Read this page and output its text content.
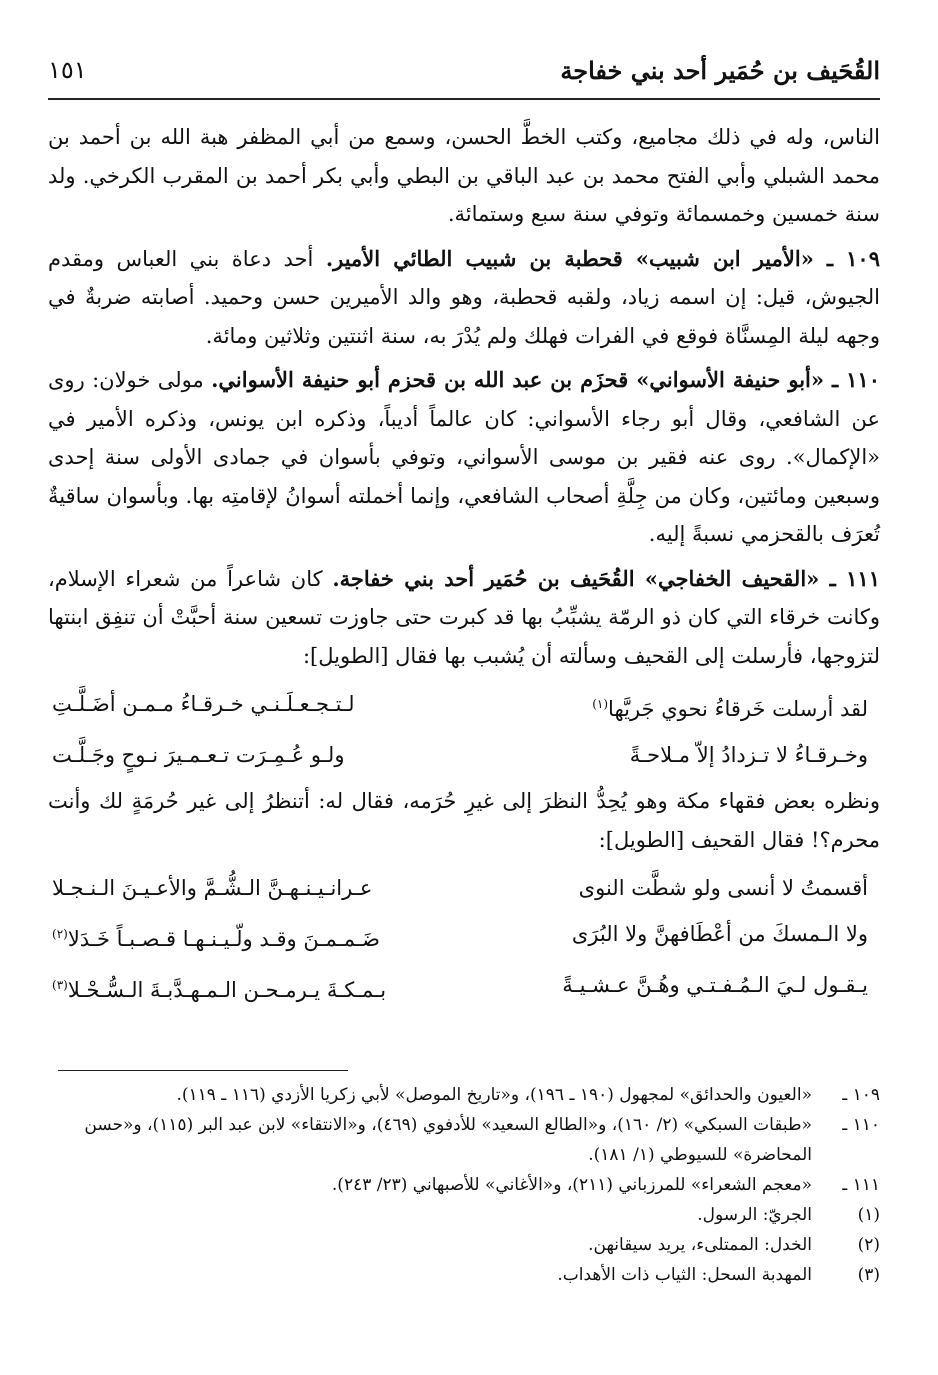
القُحَيف بن حُمَير أحد بني خفاجة
١٥١

الناس، وله في ذلك مجاميع، وكتب الخطَّ الحسن، وسمع من أبي المظفر هبة الله بن أحمد بن محمد الشبلي وأبي الفتح محمد بن عبد الباقي بن البطي وأبي بكر أحمد بن المقرب الكرخي. ولد سنة خمسين وخمسمائة وتوفي سنة سبع وستمائة.

١٠٩ ـ «الأمير ابن شبيب» قحطبة بن شبيب الطائي الأمير. أحد دعاة بني العباس ومقدم الجيوش، قيل: إن اسمه زياد، ولقبه قحطبة، وهو والد الأميرين حسن وحميد. أصابته ضربةٌ في وجهه ليلة المِسنَّاة فوقع في الفرات فهلك ولم يُدْرَ به، سنة اثنتين وثلاثين ومائة.

١١٠ ـ «أبو حنيفة الأسواني» قحزَم بن عبد الله بن قحزم أبو حنيفة الأسواني. مولى خولان: روى عن الشافعي، وقال أبو رجاء الأسواني: كان عالماً أديباً، وذكره ابن يونس، وذكره الأمير في «الإكمال». روى عنه فقير بن موسى الأسواني، وتوفي بأسوان في جمادى الأولى سنة إحدى وسبعين ومائتين، وكان من جِلَّةِ أصحاب الشافعي، وإنما أخملته أسوانُ لإقامتِه بها. وبأسوان ساقيةٌ تُعرَف بالقحزمي نسبةً إليه.

١١١ ـ «القحيف الخفاجي» القُحَيف بن حُمَير أحد بني خفاجة. كان شاعراً من شعراء الإسلام، وكانت خرقاء التي كان ذو الرمّة يشبِّبُ بها قد كبرت حتى جاوزت تسعين سنة أحبَّتْ أن تنفِق ابنتها لتزوجها، فأرسلت إلى القحيف وسألته أن يُشبب بها فقال [الطويل]:

لقد أرسلت خَرقاءُ نحوي جَريَّها$^{(١)}$
لـتـجـعـلَـنـي خـرقـاءُ مـمـن أضَـلَّـتِ
وخـرقـاءُ لا تـزدادُ إلاّ مـلاحـةً
ولـو عُـمِـرَت تـعـمـيرَ نـوحٍ وجَـلَّـت

ونظره بعض فقهاء مكة وهو يُحِدُّ النظرَ إلى غيرِ حُرَمه، فقال له: أتنظرُ إلى غير حُرمَةٍ لك وأنت محرم؟! فقال القحيف [الطويل]:

أقسمتُ لا أنسى ولو شطَّت النوى
عـرانـيـنـهـنَّ الـشُّـمَّ والأعـيـنَ الـنـجـلا
ولا الـمسكَ من أعْطَافهنَّ ولا البُرَى
ضَـمـمـنَ وقـد ولّـيـنـهـا قـصـبـاً خَـدَلا$^{(٢)}$
يـقـول لـيَ الـمُـفـتـي وهُـنَّ عـشـيـةً
بـمـكـةَ يـرمـحـن الـمـهـدَّبـةَ الـسُّـحْـلا$^{(٣)}$
١٠٩ ـ
«العيون والحدائق» لمجهول (١٩٠ ـ ١٩٦)، و«تاريخ الموصل» لأبي زكريا الأزدي (١١٦ ـ ١١٩).
١١٠ ـ
«طبقات السبكي» (٢/ ١٦٠)، و«الطالع السعيد» للأدفوي (٤٦٩)، و«الانتقاء» لابن عبد البر (١١٥)، و«حسن المحاضرة» للسيوطي (١/ ١٨١).
١١١ ـ
«معجم الشعراء» للمرزباني (٢١١)، و«الأغاني» للأصبهاني (٢٣/ ٢٤٣).
(١)
الجريّ: الرسول.
(٢)
الخدل: الممتلىء، يريد سيقانهن.
(٣)
المهدبة السحل: الثياب ذات الأهداب.
